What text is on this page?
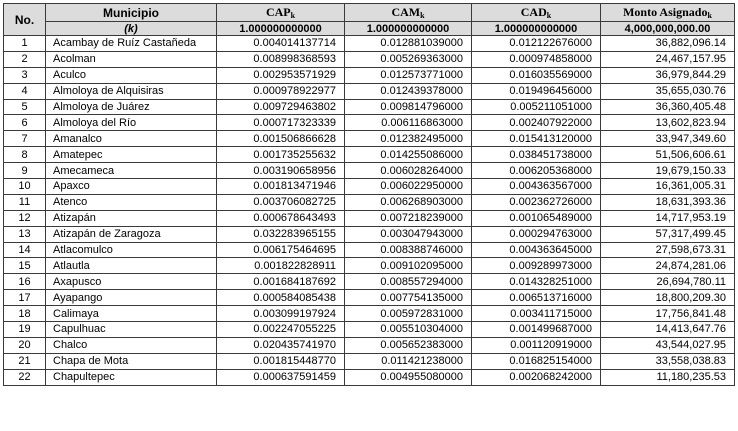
No.	Municipio	$CAP_k$	$CAM_k$	$CAD_k$	Monto Asignado$_k$
	(k)	1.000000000000	1.000000000000	1.000000000000	4,000,000,000.00
1	Acambay de Ruíz Castañeda	0.004014137714	0.012881039000	0.012122676000	36,882,096.14
2	Acolman	0.008998368593	0.005269363000	0.000974858000	24,467,157.95
3	Aculco	0.002953571929	0.012573771000	0.016035569000	36,979,844.29
4	Almoloya de Alquisiras	0.000978922977	0.012439378000	0.019496456000	35,655,030.76
5	Almoloya de Juárez	0.009729463802	0.009814796000	0.005211051000	36,360,405.48
6	Almoloya del Río	0.000717323339	0.006116863000	0.002407922000	13,602,823.94
7	Amanalco	0.001506866628	0.012382495000	0.015413120000	33,947,349.60
8	Amatepec	0.001735255632	0.014255086000	0.038451738000	51,506,606.61
9	Amecameca	0.003190658956	0.006028264000	0.006205368000	19,679,150.33
10	Apaxco	0.001813471946	0.006022950000	0.004363567000	16,361,005.31
11	Atenco	0.003706082725	0.006268903000	0.002362726000	18,631,393.36
12	Atizapán	0.000678643493	0.007218239000	0.001065489000	14,717,953.19
13	Atizapán de Zaragoza	0.032283965155	0.003047943000	0.000294763000	57,317,499.45
14	Atlacomulco	0.006175464695	0.008388746000	0.004363645000	27,598,673.31
15	Atlautla	0.001822828911	0.009102095000	0.009289973000	24,874,281.06
16	Axapusco	0.001684187692	0.008557294000	0.014328251000	26,694,780.11
17	Ayapango	0.000584085438	0.007754135000	0.006513716000	18,800,209.30
18	Calimaya	0.003099197924	0.005972831000	0.003411715000	17,756,841.48
19	Capulhuac	0.002247055225	0.005510304000	0.001499687000	14,413,647.76
20	Chalco	0.020435741970	0.005652383000	0.001120919000	43,544,027.95
21	Chapa de Mota	0.001815448770	0.011421238000	0.016825154000	33,558,038.83
22	Chapultepec	0.000637591459	0.004955080000	0.002068242000	11,180,235.53
